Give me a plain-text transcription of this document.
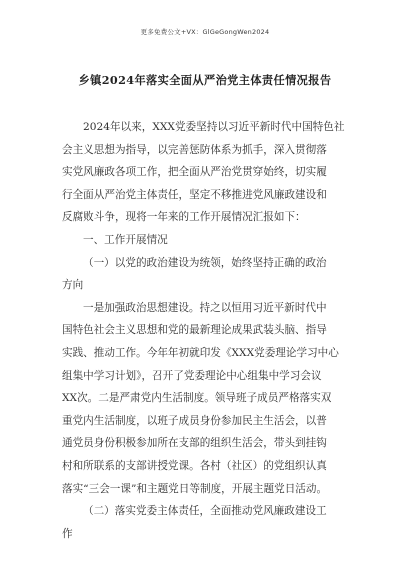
更多免费公文+VX：GlGeGongWen2024
乡镇2024年落实全面从严治党主体责任情况报告
2024年以来，XXX党委坚持以习近平新时代中国特色社
会主义思想为指导，以完善惩防体系为抓手，深入贯彻落
实党风廉政各项工作，把全面从严治党贯穿始终，切实履
行全面从严治党主体责任，坚定不移推进党风廉政建设和
反腐败斗争，现将一年来的工作开展情况汇报如下：
一、工作开展情况
（一）以党的政治建设为统领，始终坚持正确的政治
方向
一是加强政治思想建设。持之以恒用习近平新时代中
国特色社会主义思想和党的最新理论成果武装头脑、指导
实践、推动工作。今年年初就印发《XXX党委理论学习中心
组集中学习计划》，召开了党委理论中心组集中学习会议
XX次。二是严肃党内生活制度。领导班子成员严格落实双
重党内生活制度，以班子成员身份参加民主生活会，以普
通党员身份积极参加所在支部的组织生活会，带头到挂钩
村和所联系的支部讲授党课。各村（社区）的党组织认真
落实“三会一课”和主题党日等制度，开展主题党日活动。
（二）落实党委主体责任，全面推动党风廉政建设工
作
